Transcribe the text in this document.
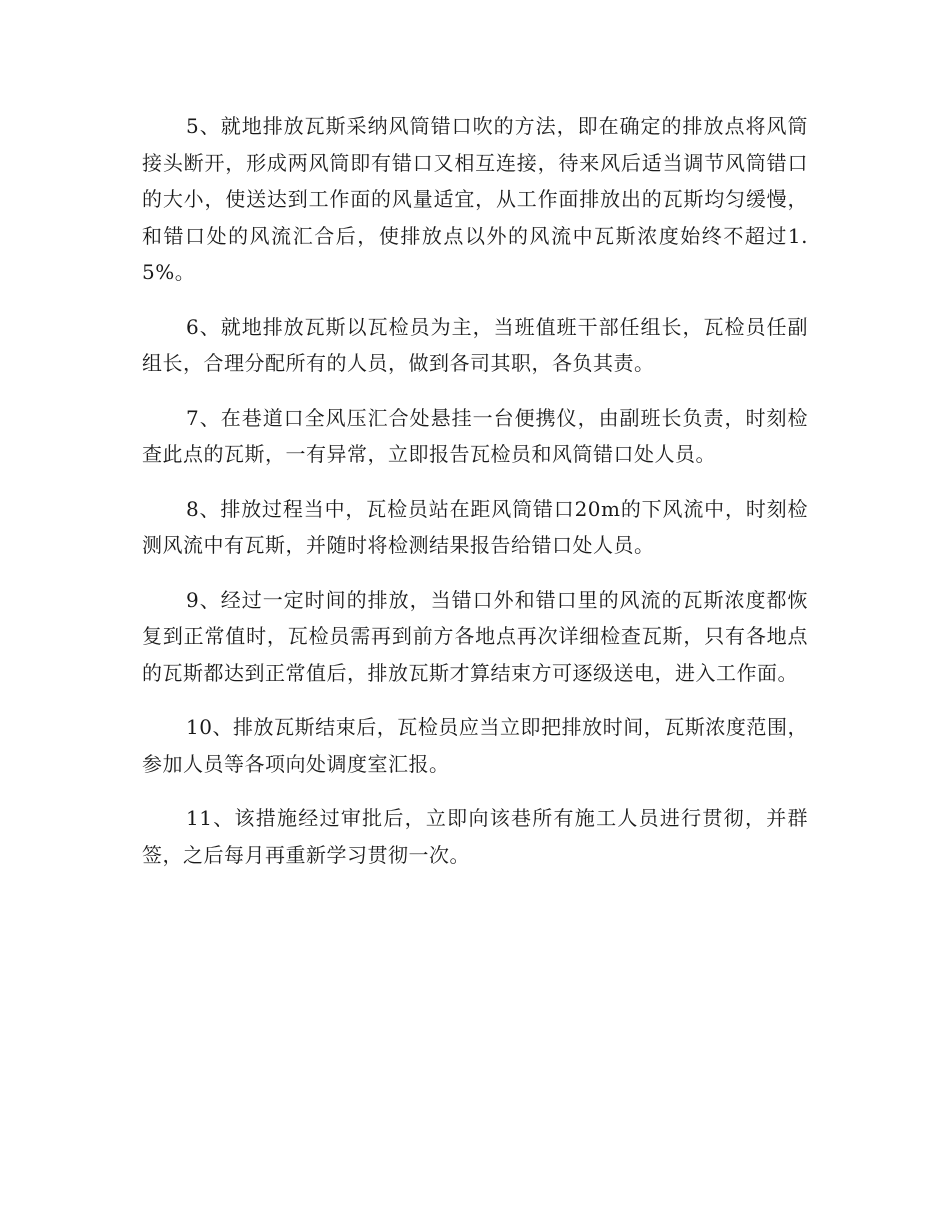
5、就地排放瓦斯采纳风筒错口吹的方法，即在确定的排放点将风筒接头断开，形成两风筒即有错口又相互连接，待来风后适当调节风筒错口的大小，使送达到工作面的风量适宜，从工作面排放出的瓦斯均匀缓慢，和错口处的风流汇合后，使排放点以外的风流中瓦斯浓度始终不超过1.5%。

6、就地排放瓦斯以瓦检员为主，当班值班干部任组长，瓦检员任副组长，合理分配所有的人员，做到各司其职，各负其责。

7、在巷道口全风压汇合处悬挂一台便携仪，由副班长负责，时刻检查此点的瓦斯，一有异常，立即报告瓦检员和风筒错口处人员。

8、排放过程当中，瓦检员站在距风筒错口20m的下风流中，时刻检测风流中有瓦斯，并随时将检测结果报告给错口处人员。

9、经过一定时间的排放，当错口外和错口里的风流的瓦斯浓度都恢复到正常值时，瓦检员需再到前方各地点再次详细检查瓦斯，只有各地点的瓦斯都达到正常值后，排放瓦斯才算结束方可逐级送电，进入工作面。

10、排放瓦斯结束后，瓦检员应当立即把排放时间，瓦斯浓度范围，参加人员等各项向处调度室汇报。

11、该措施经过审批后，立即向该巷所有施工人员进行贯彻，并群签，之后每月再重新学习贯彻一次。
